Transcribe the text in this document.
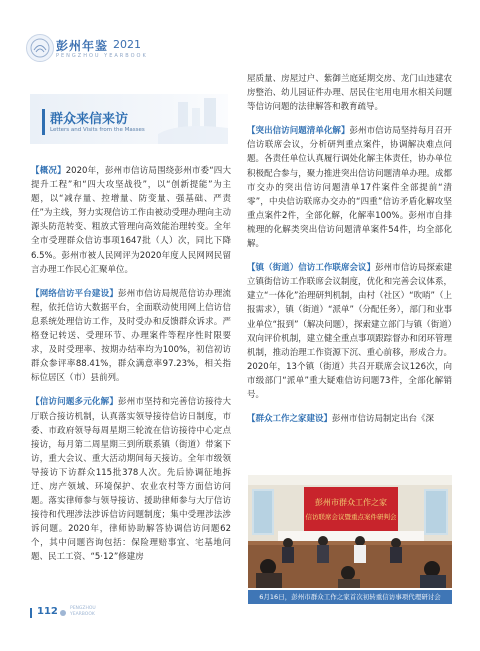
彭州年鉴 2021
PENGZHOU YEARBOOK
群众来信来访
Letters and Visits from the Masses

【概况】2020年，彭州市信访局围绕彭州市委“四大提升工程”和“四大攻坚战役”，以“创新提能”为主题，以“减存量、控增量、防变量、强基础、严责任”为主线，努力实现信访工作由被动受理办理向主动源头防范转变、粗放式管理向高效能治理转变。全年全市受理群众信访事项1647批（人）次，同比下降6.5%。彭州市被人民网评为2020年度人民网网民留言办理工作民心汇聚单位。

【网络信访平台建设】彭州市信访局规范信访办理流程，依托信访大数据平台，全面联动使用网上信访信息系统处理信访工作，及时受办和反馈群众诉求。严格登记转送、受理环节、办理案件等程序性时限要求，及时受理率、按期办结率均为100%，初信初访群众参评率88.41%，群众满意率97.23%，相关指标位居区（市）县前列。

【信访问题多元化解】彭州市坚持和完善信访接待大厅联合接访机制，认真落实领导接待信访日制度，市委、市政府领导每周星期三轮流在信访接待中心定点接访，每月第二周星期三到所联系镇（街道）带案下访，重大会议、重大活动期间每天接访。全年市级领导接访下访群众115批378人次。先后协调征地拆迁、房产领域、环境保护、农业农村等方面信访问题。落实律师参与领导接访、援助律师参与大厅信访接待和代理涉法涉诉信访问题制度；集中受理涉法涉诉问题。2020年，律师协助解答协调信访问题62个，其中问题咨询包括：保险理赔事宜、宅基地问题、民工工资、“5·12”修建房

屋质量、房屋过户、紫御兰庭延期交房、龙门山违建农房整治、幼儿园证件办理、居民住宅用电用水相关问题等信访问题的法律解答和教育疏导。

【突出信访问题清单化解】彭州市信访局坚持每月召开信访联席会议，分析研判重点案件，协调解决难点问题。各责任单位认真履行调处化解主体责任，协办单位积极配合参与，聚力推进突出信访问题清单办理。成都市交办的突出信访问题清单17件案件全部提前“清零”，中央信访联席办交办的“四重”信访矛盾化解攻坚重点案件2件，全部化解，化解率100%。彭州市自排梳理的化解类突出信访问题清单案件54件，均全部化解。

【镇（街道）信访工作联席会议】彭州市信访局探索建立镇街信访工作联席会议制度，优化和完善会议体系，建立“一体化”治理研判机制，由村（社区）“吹哨”（上报需求），镇（街道）“派单”（分配任务），部门和业事业单位“报到”（解决问题），探索建立部门与镇（街道）双向评价机制，建立健全重点事项跟踪督办和闭环管理机制，推动治理工作资源下沉、重心前移，形成合力。2020年，13个镇（街道）共召开联席会议126次，向市级部门“派单”重大疑难信访问题73件，全部化解销号。

【群众工作之家建设】彭州市信访局制定出台《深

彭州市群众工作之家
信访联席会议暨重点案件研判会
6月16日，彭州市群众工作之家首次初转重信访事项代理研讨会
112	PENGZHOU
YEARBOOK
